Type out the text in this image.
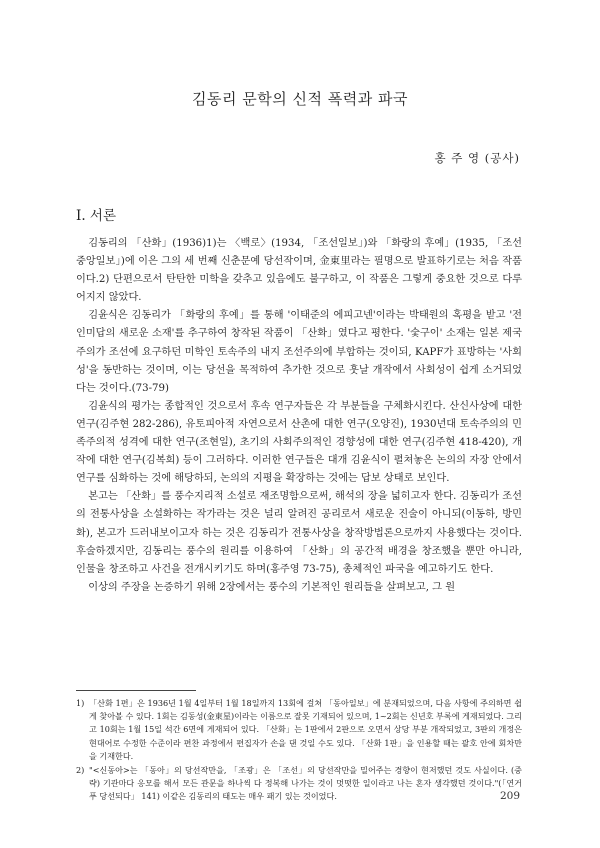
김동리 문학의 신적 폭력과 파국
홍 주 영 (공사)
I. 서론

김동리의 「산화」(1936)1)는 〈백로〉(1934, 「조선일보」)와 「화랑의 후예」(1935, 「조선중앙일보」)에 이은 그의 세 번째 신춘문예 당선작이며, 金東里라는 필명으로 발표하기로는 처음 작품이다.2) 단편으로서 탄탄한 미학을 갖추고 있음에도 불구하고, 이 작품은 그렇게 중요한 것으로 다루어지지 않았다.

김윤식은 김동리가 「화랑의 후예」를 통해 '이태준의 에피고넨'이라는 박태원의 혹평을 받고 '전인미답의 새로운 소재'를 추구하여 창작된 작품이 「산화」였다고 평한다. '숯구이' 소재는 일본 제국주의가 조선에 요구하던 미학인 토속주의 내지 조선주의에 부합하는 것이되, KAPF가 표방하는 '사회성'을 동반하는 것이며, 이는 당선을 목적하여 추가한 것으로 훗날 개작에서 사회성이 쉽게 소거되었다는 것이다.(73-79)

김윤식의 평가는 종합적인 것으로서 후속 연구자들은 각 부분들을 구체화시킨다. 산신사상에 대한 연구(김주현 282-286), 유토피아적 자연으로서 산촌에 대한 연구(오양진), 1930년대 토속주의의 민족주의적 성격에 대한 연구(조현일), 초기의 사회주의적인 경향성에 대한 연구(김주현 418-420), 개작에 대한 연구(김복희) 등이 그러하다. 이러한 연구들은 대개 김윤식이 펼쳐놓은 논의의 자장 안에서 연구를 심화하는 것에 해당하되, 논의의 지평을 확장하는 것에는 답보 상태로 보인다.

본고는 「산화」를 풍수지리적 소설로 재조명함으로써, 해석의 장을 넓히고자 한다. 김동리가 조선의 전통사상을 소설화하는 작가라는 것은 널리 알려진 공리로서 새로운 진술이 아니되(이동하, 방민화), 본고가 드러내보이고자 하는 것은 김동리가 전통사상을 창작방법론으로까지 사용했다는 것이다. 후술하겠지만, 김동리는 풍수의 원리를 이용하여 「산화」의 공간적 배경을 창조했을 뿐만 아니라, 인물을 창조하고 사건을 전개시키기도 하며(홍주영 73-75), 총체적인 파국을 예고하기도 한다.

이상의 주장을 논증하기 위해 2장에서는 풍수의 기본적인 원리들을 살펴보고, 그 원

1) 「산화 1편」은 1936년 1월 4일부터 1월 18일까지 13회에 걸쳐 「동아일보」에 분재되었으며, 다음 사항에 주의하면 쉽게 찾아볼 수 있다. 1회는 김동성(金東星)이라는 이름으로 잘못 기재되어 있으며, 1~2회는 신년호 부록에 게재되었다. 그리고 10회는 1월 15일 석간 6면에 게재되어 있다. 「산화」는 1판에서 2판으로 오면서 상당 부분 개작되었고, 3판의 개정은 현대어로 수정한 수준이라 편찬 과정에서 편집자가 손을 댄 것일 수도 있다. 「산화 1판」을 인용할 때는 괄호 안에 회차만을 기재한다.
2) "<신동아>는 「동아」의 당선작만을, 「조광」은 「조선」의 당선작만을 밀어주는 경향이 현저했던 것도 사실이다. (중략) 기관마다 응모를 해서 모든 관문을 하나씩 다 정복해 나가는 것이 멋떳한 일이라고 나는 혼자 생각했던 것이다."(「연거푸 당선되다」 141) 이같은 김동리의 태도는 매우 패기 있는 것이었다.	209
